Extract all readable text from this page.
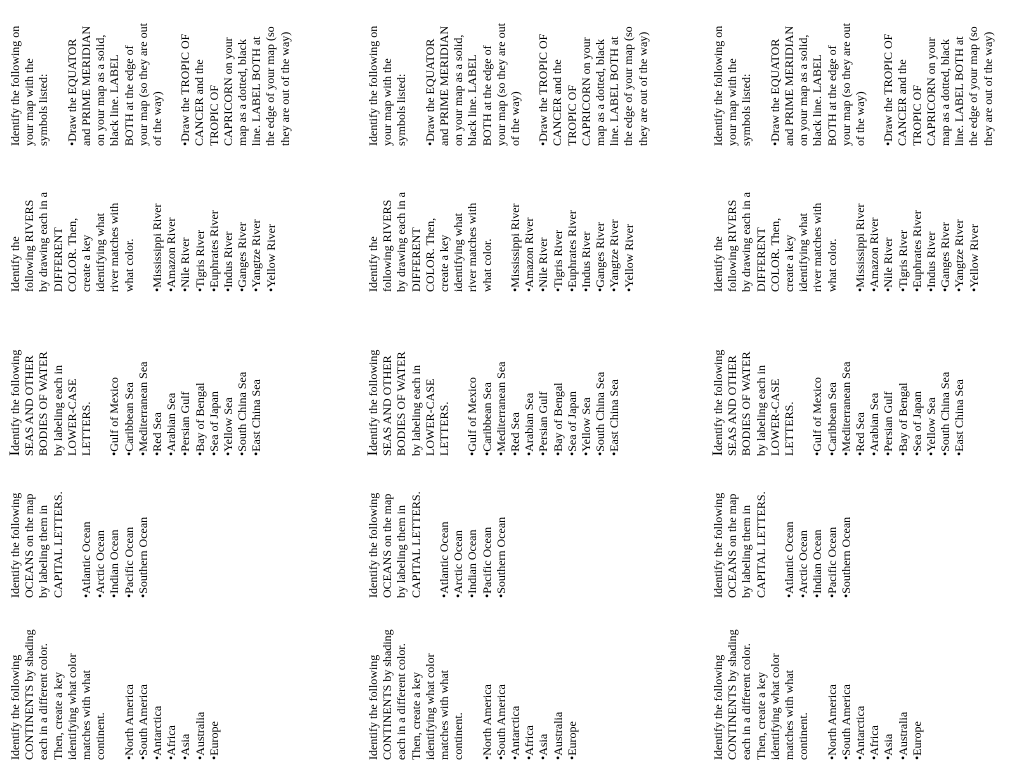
Identify the following
CONTINENTS by shading
each in a different color.
Then, create a key
identifying what color
matches with what
continent. • North America • South America • Antarctica • Africa • Asia • Australia • Europe

Identify the following
OCEANS on the map
by labeling them in
CAPITAL LETTERS.

• Atlantic Ocean • Arctic Ocean • Indian Ocean • Pacific Ocean • Southern Ocean

Identify the following
SEAS AND OTHER
BODIES OF WATER
by labeling each in
LOWER-CASE
LETTERS. • Gulf of Mexico • Caribbean Sea • Mediterranean Sea • Red Sea • Arabian Sea • Persian Gulf • Bay of Bengal • Sea of Japan • Yellow Sea • South China Sea • East China Sea

Identify the
following RIVERS
by drawing each in a
DIFFERENT
COLOR. Then,
create a key
identifying what
river matches with
what color. • Mississippi River • Amazon River • Nile River • Tigris River • Euphrates River • Indus River • Ganges River • Yangtze River • Yellow River

Identify the following on
your map with the
symbols listed:

• Draw the EQUATOR
and PRIME MERIDIAN
on your map as a solid,
black line. LABEL
BOTH at the edge of
your map (so they are out
of the way)
• Draw the TROPIC OF
CANCER and the
TROPIC OF
CAPRICORN on your
map as a dotted, black
line. LABEL BOTH at
the edge of your map (so
they are out of the way)

Identify the following
CONTINENTS by shading
each in a different color.
Then, create a key
identifying what color
matches with what
continent. • North America • South America • Antarctica • Africa • Asia • Australia • Europe

Identify the following
OCEANS on the map
by labeling them in
CAPITAL LETTERS.

• Atlantic Ocean • Arctic Ocean • Indian Ocean • Pacific Ocean • Southern Ocean

Identify the following
SEAS AND OTHER
BODIES OF WATER
by labeling each in
LOWER-CASE
LETTERS. • Gulf of Mexico • Caribbean Sea • Mediterranean Sea • Red Sea • Arabian Sea • Persian Gulf • Bay of Bengal • Sea of Japan • Yellow Sea • South China Sea • East China Sea

Identify the
following RIVERS
by drawing each in a
DIFFERENT
COLOR. Then,
create a key
identifying what
river matches with
what color. • Mississippi River • Amazon River • Nile River • Tigris River • Euphrates River • Indus River • Ganges River • Yangtze River • Yellow River

Identify the following on
your map with the
symbols listed:

• Draw the EQUATOR
and PRIME MERIDIAN
on your map as a solid,
black line. LABEL
BOTH at the edge of
your map (so they are out
of the way)
• Draw the TROPIC OF
CANCER and the
TROPIC OF
CAPRICORN on your
map as a dotted, black
line. LABEL BOTH at
the edge of your map (so
they are out of the way)

Identify the following
CONTINENTS by shading
each in a different color.
Then, create a key
identifying what color
matches with what
continent. • North America • South America • Antarctica • Africa • Asia • Australia • Europe

Identify the following
OCEANS on the map
by labeling them in
CAPITAL LETTERS.

• Atlantic Ocean • Arctic Ocean • Indian Ocean • Pacific Ocean • Southern Ocean

Identify the following
SEAS AND OTHER
BODIES OF WATER
by labeling each in
LOWER-CASE
LETTERS. • Gulf of Mexico • Caribbean Sea • Mediterranean Sea • Red Sea • Arabian Sea • Persian Gulf • Bay of Bengal • Sea of Japan • Yellow Sea • South China Sea • East China Sea

Identify the
following RIVERS
by drawing each in a
DIFFERENT
COLOR. Then,
create a key
identifying what
river matches with
what color. • Mississippi River • Amazon River • Nile River • Tigris River • Euphrates River • Indus River • Ganges River • Yangtze River • Yellow River

Identify the following on
your map with the
symbols listed:

• Draw the EQUATOR
and PRIME MERIDIAN
on your map as a solid,
black line. LABEL
BOTH at the edge of
your map (so they are out
of the way)
• Draw the TROPIC OF
CANCER and the
TROPIC OF
CAPRICORN on your
map as a dotted, black
line. LABEL BOTH at
the edge of your map (so
they are out of the way)
